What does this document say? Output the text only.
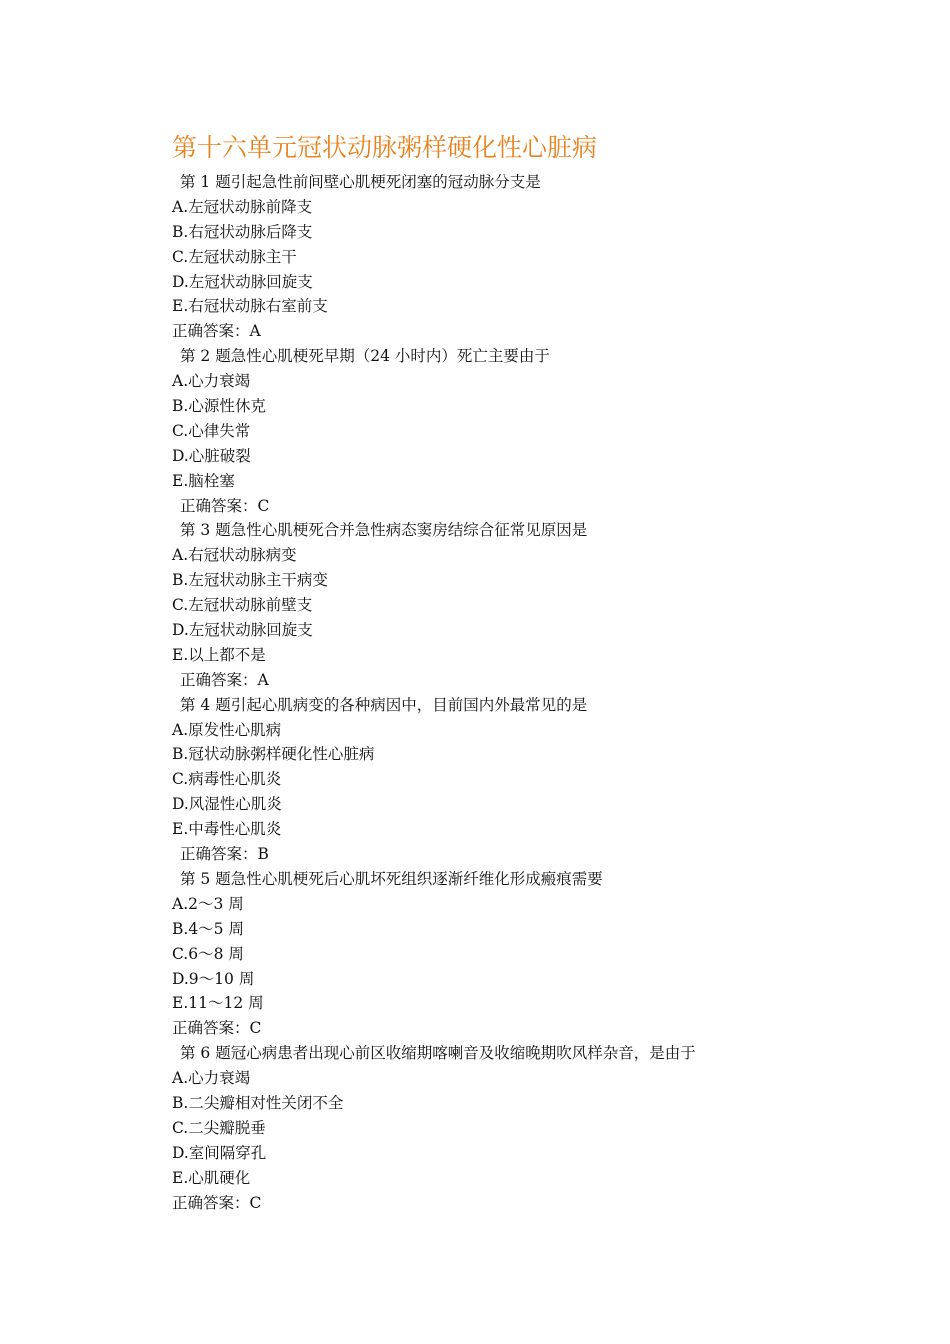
第十六单元冠状动脉粥样硬化性心脏病
第 1 题引起急性前间壁心肌梗死闭塞的冠动脉分支是
A.左冠状动脉前降支
B.右冠状动脉后降支
C.左冠状动脉主干
D.左冠状动脉回旋支
E.右冠状动脉右室前支
正确答案：A
第 2 题急性心肌梗死早期（24 小时内）死亡主要由于
A.心力衰竭
B.心源性休克
C.心律失常
D.心脏破裂
E.脑栓塞
正确答案：C
第 3 题急性心肌梗死合并急性病态窦房结综合征常见原因是
A.右冠状动脉病变
B.左冠状动脉主干病变
C.左冠状动脉前壁支
D.左冠状动脉回旋支
E.以上都不是
正确答案：A
第 4 题引起心肌病变的各种病因中，目前国内外最常见的是
A.原发性心肌病
B.冠状动脉粥样硬化性心脏病
C.病毒性心肌炎
D.风湿性心肌炎
E.中毒性心肌炎
正确答案：B
第 5 题急性心肌梗死后心肌坏死组织逐渐纤维化形成瘢痕需要
A.2～3 周
B.4～5 周
C.6～8 周
D.9～10 周
E.11～12 周
正确答案：C
第 6 题冠心病患者出现心前区收缩期喀喇音及收缩晚期吹风样杂音，是由于
A.心力衰竭
B.二尖瓣相对性关闭不全
C.二尖瓣脱垂
D.室间隔穿孔
E.心肌硬化
正确答案：C
